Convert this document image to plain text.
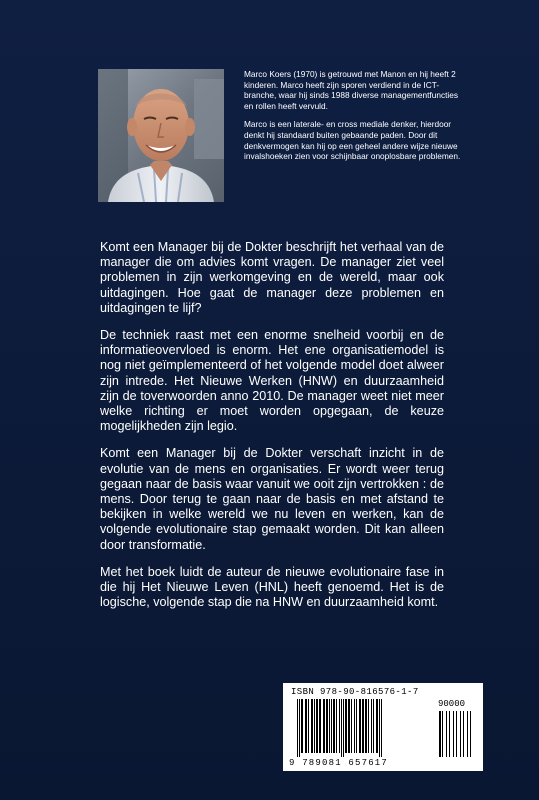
Marco Koers (1970) is getrouwd met Manon en hij heeft 2 kinderen. Marco heeft zijn sporen verdiend in de ICT-branche, waar hij sinds 1988 diverse managementfuncties en rollen heeft vervuld.

Marco is een laterale- en cross mediale denker, hierdoor denkt hij standaard buiten gebaande paden. Door dit denkvermogen kan hij op een geheel andere wijze nieuwe invalshoeken zien voor schijnbaar onoplosbare problemen.

Komt een Manager bij de Dokter beschrijft het verhaal van de manager die om advies komt vragen. De manager ziet veel problemen in zijn werkomgeving en de wereld, maar ook uitdagingen. Hoe gaat de manager deze problemen en uitdagingen te lijf?

De techniek raast met een enorme snelheid voorbij en de informatieovervloed is enorm. Het ene organisatiemodel is nog niet geïmplementeerd of het volgende model doet alweer zijn intrede. Het Nieuwe Werken (HNW) en duurzaamheid zijn de toverwoorden anno 2010. De manager weet niet meer welke richting er moet worden opgegaan, de keuze mogelijkheden zijn legio.

Komt een Manager bij de Dokter verschaft inzicht in de evolutie van de mens en organisaties. Er wordt weer terug gegaan naar de basis waar vanuit we ooit zijn vertrokken : de mens. Door terug te gaan naar de basis en met afstand te bekijken in welke wereld we nu leven en werken, kan de volgende evolutionaire stap gemaakt worden. Dit kan alleen door transformatie.

Met het boek luidt de auteur de nieuwe evolutionaire fase in die hij Het Nieuwe Leven (HNL) heeft genoemd. Het is de logische, volgende stap die na HNW en duurzaamheid komt.

ISBN 978-90-816576-1-7
90000
9 789081 657617
